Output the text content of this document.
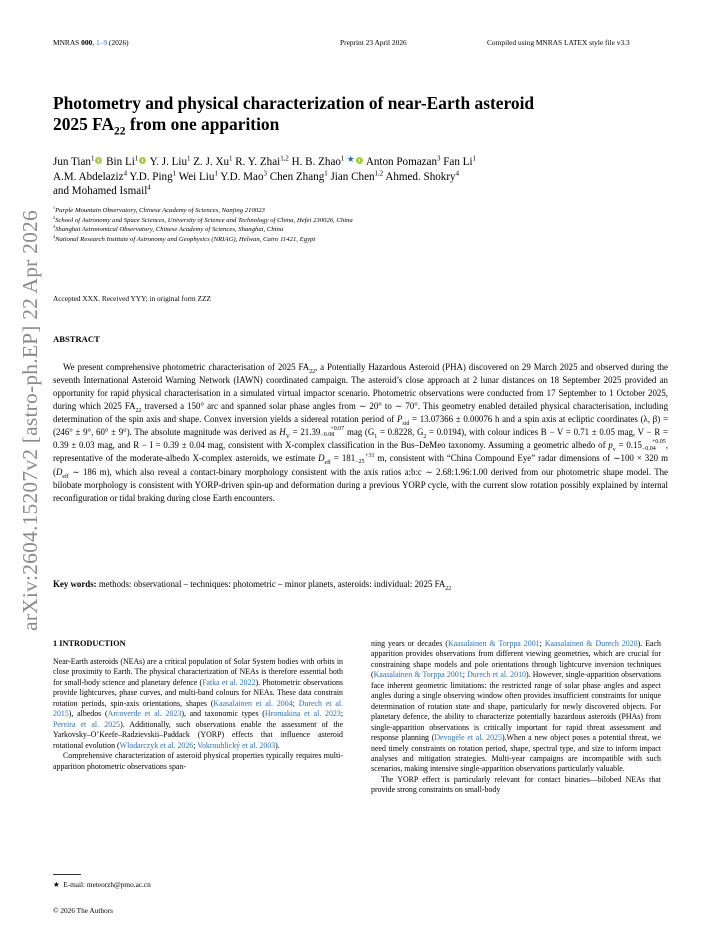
arXiv:2604.15207v2 [astro-ph.EP] 22 Apr 2026
MNRAS 000, 1–9 (2026)	Preprint 23 April 2026	Compiled using MNRAS LATEX style file v3.3
Photometry and physical characterization of near-Earth asteroid
2025 $FA_{22}$ from one apparition
Jun Tian$^1$ Bin Li$^1$ Y. J. Liu$^1$ Z. J. Xu$^1$ R. Y. Zhai$^{1,2}$ H. B. Zhao$^1$ ★ Anton Pomazan$^3$ Fan Li$^1$
A.M. Abdelaziz$^4$ Y.D. Ping$^1$ Wei Liu$^1$ Y.D. Mao$^3$ Chen Zhang$^1$ Jian Chen$^{1,2}$ Ahmed. Shokry$^4$
and Mohamed Ismail$^4$
$^1$Purple Mountain Observatory, Chinese Academy of Sciences, Nanjing 210023
$^2$School of Astronomy and Space Sciences, University of Science and Technology of China, Hefei 230026, China
$^3$Shanghai Astronomical Observatory, Chinese Academy of Sciences, Shanghai, China
$^4$National Research Institute of Astronomy and Geophysics (NRIAG), Helwan, Cairo 11421, Egypt
Accepted XXX. Received YYY; in original form ZZZ
ABSTRACT
We present comprehensive photometric characterisation of 2025 $FA_{22}$, a Potentially Hazardous Asteroid (PHA) discovered on 29 March 2025 and observed during the seventh International Asteroid Warning Network (IAWN) coordinated campaign. The asteroid’s close approach at 2 lunar distances on 18 September 2025 provided an opportunity for rapid physical characterisation in a simulated virtual impactor scenario. Photometric observations were conducted from 17 September to 1 October 2025, during which 2025 $FA_{22}$ traversed a 150° arc and spanned solar phase angles from ∼ 20° to ∼ 70°. This geometry enabled detailed physical characterisation, including determination of the spin axis and shape. Convex inversion yields a sidereal rotation period of $P_{sid} = 13.07366 \pm 0.00076$ h and a spin axis at ecliptic coordinates (λ, β) = (246° ± 9°, 60° ± 9°). The absolute magnitude was derived as $H_V = 21.39 +0.07$
−0.08 mag ($G_1 = 0.8228$, $G_2 = 0.0194$), with colour indices B − V = 0.71 ± 0.05 mag, V − R = 0.39 ± 0.03 mag, and R − I = 0.39 ± 0.04 mag, consistent with X-complex classification in the Bus–DeMeo taxonomy. Assuming a geometric albedo of $p_v = 0.15 +0.05$
−0.04 , representative of the moderate-albedo X-complex asteroids, we estimate $D_{eff} = 181 +31$
−25 m, consistent with “China Compound Eye” radar dimensions of ∼100 × 320 m ($D_{eff}$ ∼ 186 m), which also reveal a contact-binary morphology consistent with the axis ratios a:b:c ∼ 2.68:1.96:1.00 derived from our photometric shape model. The bilobate morphology is consistent with YORP-driven spin-up and deformation during a previous YORP cycle, with the current slow rotation possibly explained by internal reconfiguration or tidal braking during close Earth encounters.
Key words: methods: observational – techniques: photometric – minor planets, asteroids: individual: 2025 $FA_{22}$
1 INTRODUCTION

Near-Earth asteroids (NEAs) are a critical population of Solar System bodies with orbits in close proximity to Earth. The physical characterization of NEAs is therefore essential both for small-body science and planetary defence (Fatka et al. 2022). Photometric observations provide lightcurves, phase curves, and multi-band colours for NEAs. These data constrain rotation periods, spin-axis orientations, shapes (Kaasalainen et al. 2004; Durech et al. 2015), albedos (Arcoverde et al. 2023), and taxonomic types (Hromakina et al. 2023; Pereira et al. 2025). Additionally, such observations enable the assessment of the Yarkovsky–O’Keefe–Radzievskii–Paddack (YORP) effects that influence asteroid rotational evolution (Wlodarczyk et al. 2026; Vokrouhlický et al. 2003).

Comprehensive characterization of asteroid physical properties typically requires multi-apparition photometric observations span-

ning years or decades (Kaasalainen & Torppa 2001; Kaasalainen & Durech 2020). Each apparition provides observations from different viewing geometries, which are crucial for constraining shape models and pole orientations through lightcurve inversion techniques (Kaasalainen & Torppa 2001; Durech et al. 2010). However, single-apparition observations face inherent geometric limitations: the restricted range of solar phase angles and aspect angles during a single observing window often provides insufficient constraints for unique determination of rotation state and shape, particularly for newly discovered objects. For planetary defence, the ability to characterize potentially hazardous asteroids (PHAs) from single-apparition observations is critically important for rapid threat assessment and response planning (Devogèle et al. 2025).When a new object poses a potential threat, we need timely constraints on rotation period, shape, spectral type, and size to inform impact analyses and mitigation strategies. Multi-year campaigns are incompatible with such scenarios, making intensive single-apparition observations particularly valuable.

The YORP effect is particularly relevant for contact binaries—bilobed NEAs that provide strong constraints on small-body

★ E-mail: meteorzh@pmo.ac.cn
© 2026 The Authors
